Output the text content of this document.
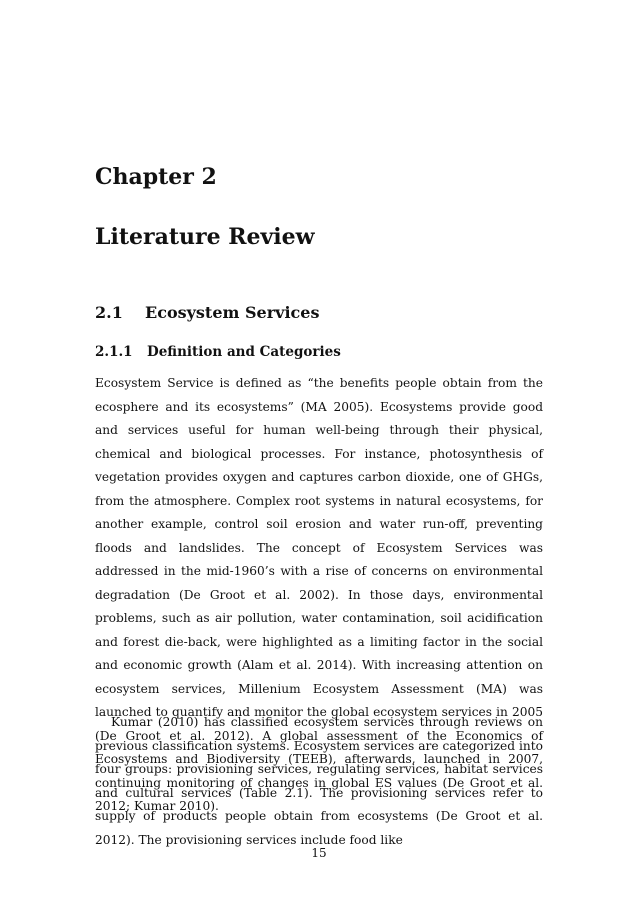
Chapter 2
Literature Review
2.1 Ecosystem Services
2.1.1 Definition and Categories

Ecosystem Service is defined as “the benefits people obtain from the ecosphere and its ecosystems” (MA 2005). Ecosystems provide good and services useful for human well-being through their physical, chemical and biological processes. For instance, photosynthesis of vegetation provides oxygen and captures carbon dioxide, one of GHGs, from the atmosphere. Complex root systems in natural ecosystems, for another example, control soil erosion and water run-off, preventing floods and landslides. The concept of Ecosystem Services was addressed in the mid-1960’s with a rise of concerns on environmental degradation (De Groot et al. 2002). In those days, environmental problems, such as air pollution, water contamination, soil acidification and forest die-back, were highlighted as a limiting factor in the social and economic growth (Alam et al. 2014). With increasing attention on ecosystem services, Millenium Ecosystem Assessment (MA) was launched to quantify and monitor the global ecosystem services in 2005 (De Groot et al. 2012). A global assessment of the Economics of Ecosystems and Biodiversity (TEEB), afterwards, launched in 2007, continuing monitoring of changes in global ES values (De Groot et al. 2012; Kumar 2010).

Kumar (2010) has classified ecosystem services through reviews on previous classification systems. Ecosystem services are categorized into four groups: provisioning services, regulating services, habitat services and cultural services (Table 2.1). The provisioning services refer to supply of products people obtain from ecosystems (De Groot et al. 2012). The provisioning services include food like

15
